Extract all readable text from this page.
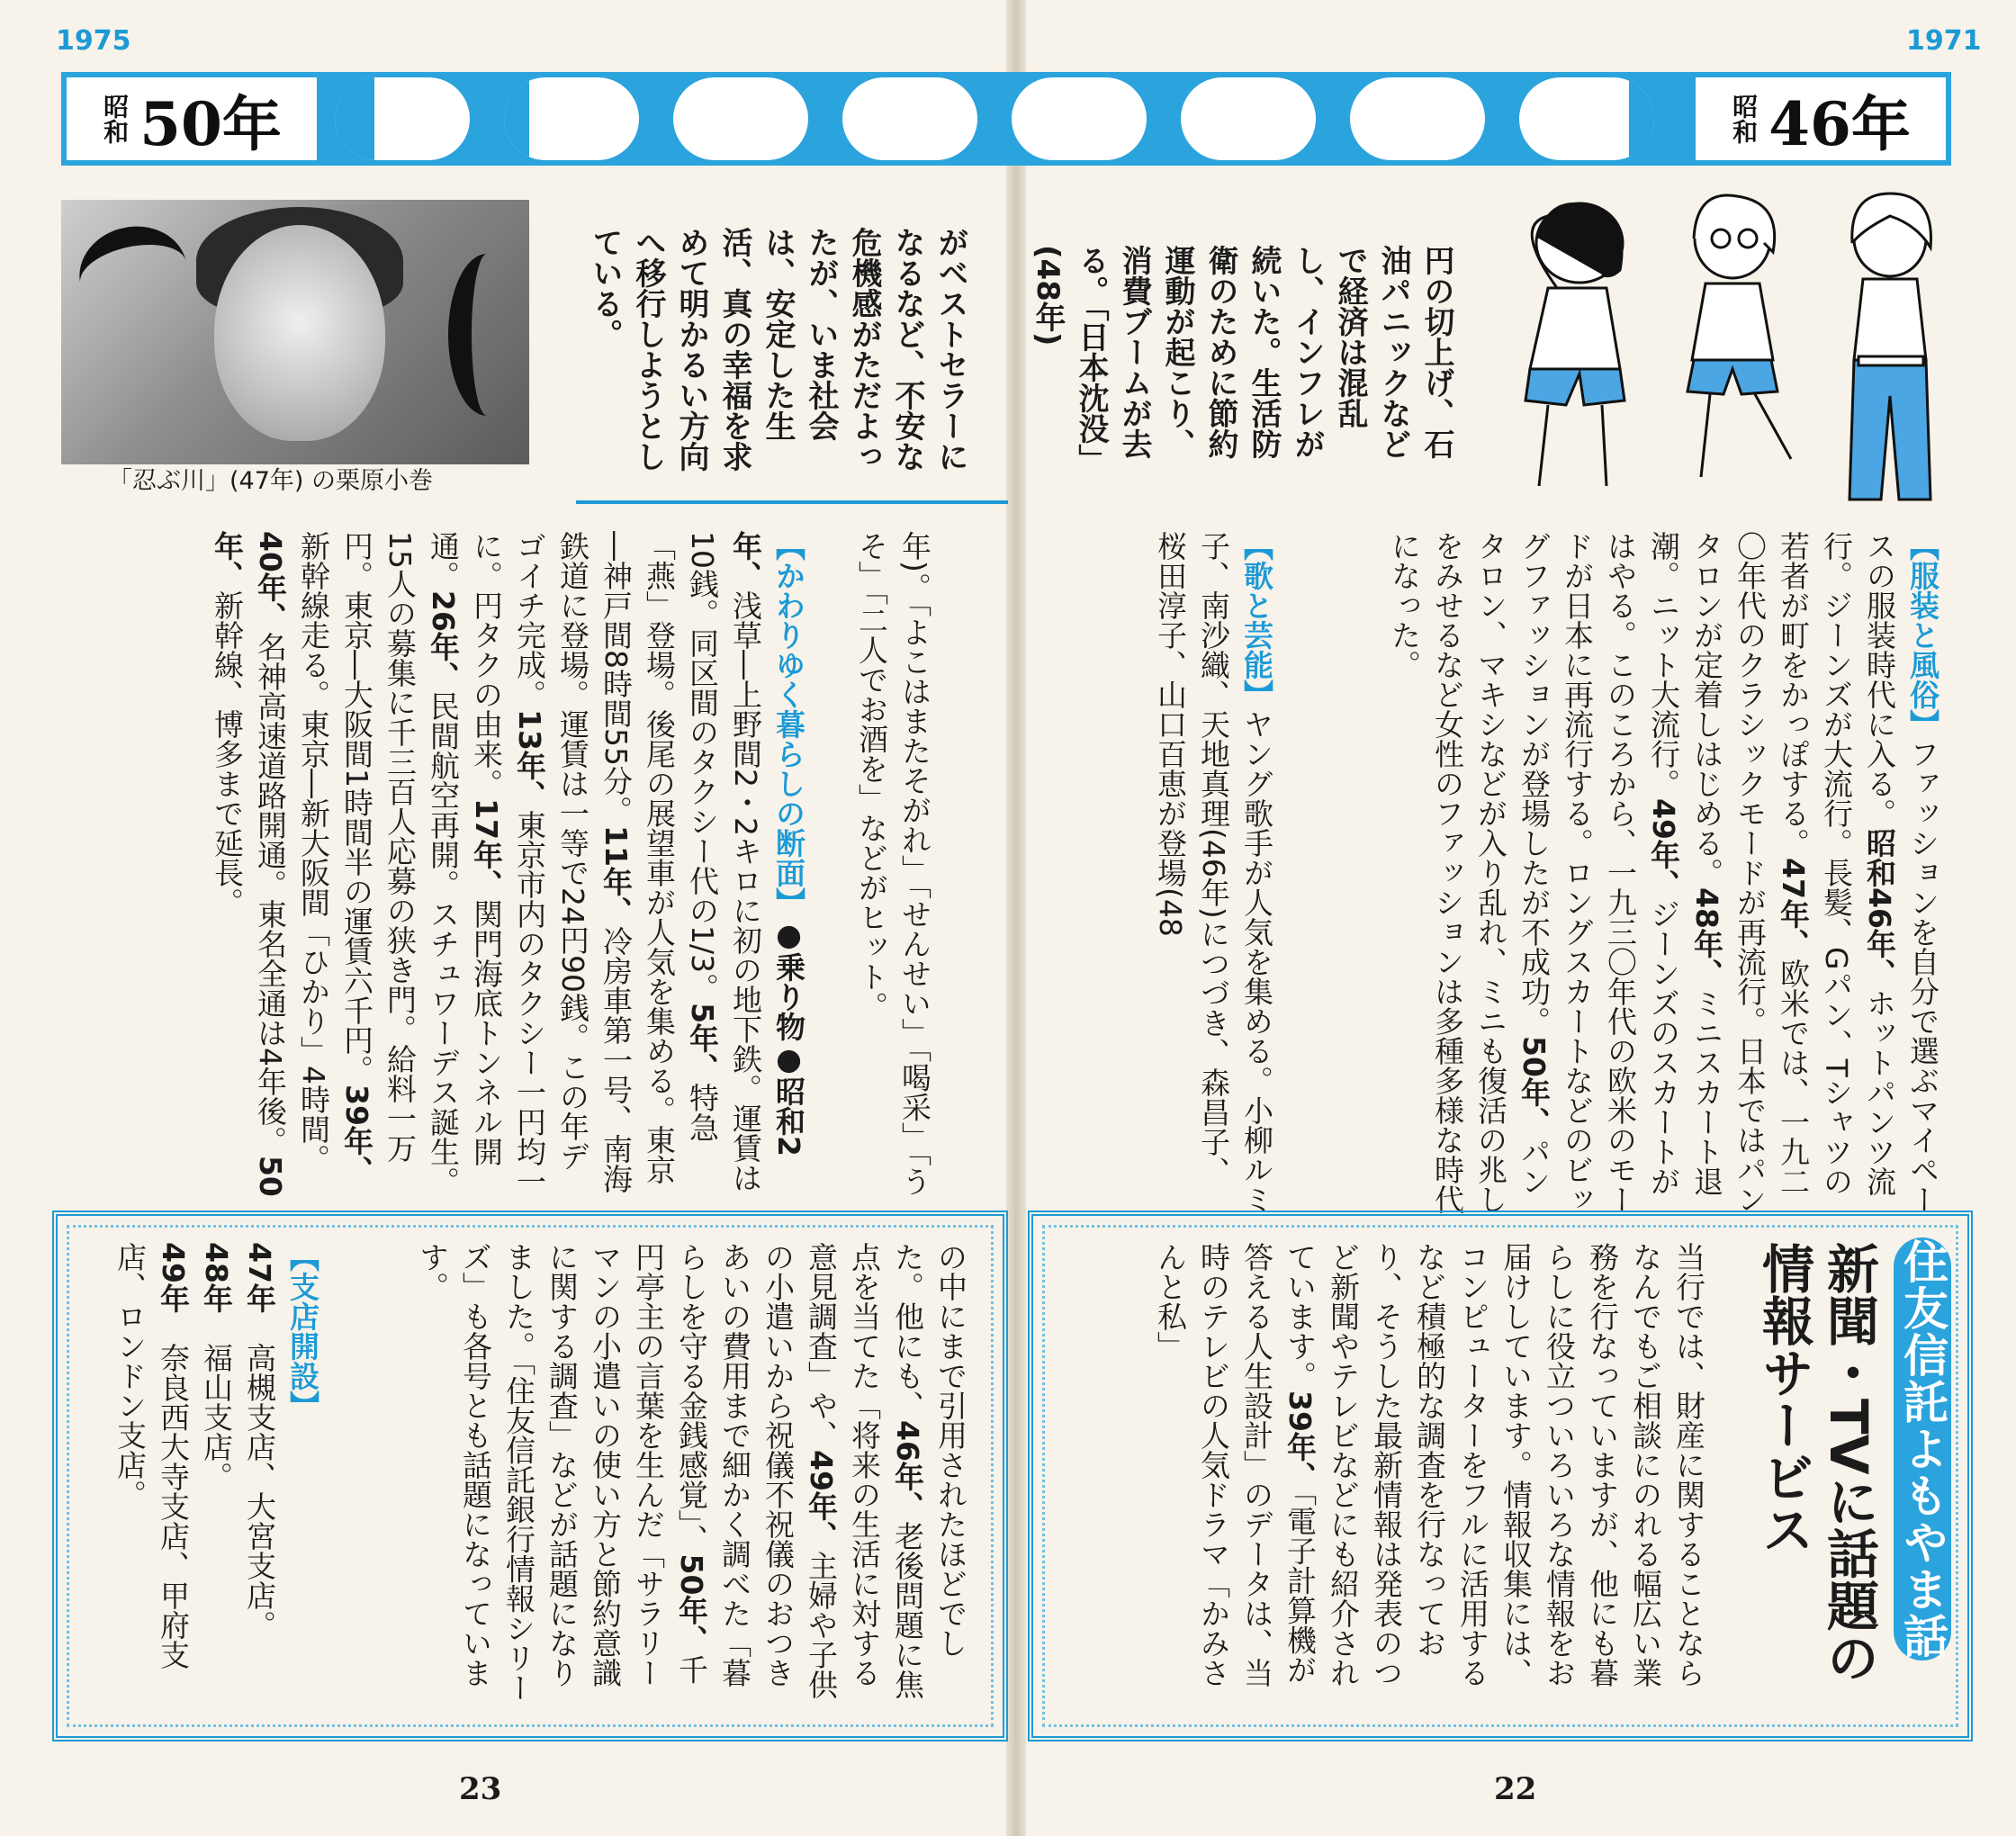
1975	1971
昭和 50年	昭和 46年
「忍ぶ川」(47年) の栗原小巻
円の切上げ、石油パニックなどで経済は混乱し、インフレが続いた。生活防衛のために節約運動が起こり、消費ブームが去る。「日本沈没」(48年)
がベストセラーになるなど、不安な危機感がただよったが、いま社会は、安定した生活、真の幸福を求めて明かるい方向へ移行しようとしている。
【服装と風俗】ファッションを自分で選ぶマイペースの服装時代に入る。昭和46年、ホットパンツ流行。ジーンズが大流行。長髪、Gパン、Tシャツの若者が町をかっぽする。47年、欧米では、一九二〇年代のクラシックモードが再流行。日本ではパンタロンが定着しはじめる。48年、ミニスカート退潮。ニット大流行。49年、ジーンズのスカートがはやる。このころから、一九三〇年代の欧米のモードが日本に再流行する。ロングスカートなどのビッグファッションが登場したが不成功。50年、パンタロン、マキシなどが入り乱れ、ミニも復活の兆しをみせるなど女性のファッションは多種多様な時代になった。
【歌と芸能】ヤング歌手が人気を集める。小柳ルミ子、南沙織、天地真理(46年)につづき、森昌子、桜田淳子、山口百恵が登場(48
年)。「よこはまたそがれ」「せんせい」「喝采」「うそ」「二人でお酒を」などがヒット。
【かわりゆく暮らしの断面】●乗り物●昭和2年、浅草―上野間2・2キロに初の地下鉄。運賃は10銭。同区間のタクシー代の1/3。5年、特急「燕」登場。後尾の展望車が人気を集める。東京―神戸間8時間55分。11年、冷房車第一号、南海鉄道に登場。運賃は一等で24円90銭。この年デゴイチ完成。13年、東京市内のタクシー一円均一に。円タクの由来。17年、関門海底トンネル開通。26年、民間航空再開。スチュワーデス誕生。15人の募集に千三百人応募の狭き門。給料一万円。東京―大阪間1時間半の運賃六千円。39年、新幹線走る。東京―新大阪間「ひかり」4時間。40年、名神高速道路開通。東名全通は4年後。50年、新幹線、博多まで延長。
住友信託よもやま話
新聞・TVに話題の
情報サービス
当行では、財産に関することならなんでもご相談にのれる幅広い業務を行なっていますが、他にも暮らしに役立ついろいろな情報をお届けしています。情報収集には、コンピューターをフルに活用するなど積極的な調査を行なっており、そうした最新情報は発表のつど新聞やテレビなどにも紹介されています。39年、「電子計算機が答える人生設計」のデータは、当時のテレビの人気ドラマ「かみさんと私」
の中にまで引用されたほどでした。他にも、46年、老後問題に焦点を当てた「将来の生活に対する意見調査」や、49年、主婦や子供の小遣いから祝儀不祝儀のおつきあいの費用まで細かく調べた「暮らしを守る金銭感覚」、50年、千円亭主の言葉を生んだ「サラリーマンの小遣いの使い方と節約意識に関する調査」などが話題になりました。「住友信託銀行情報シリーズ」も各号とも話題になっています。
【支店開設】
47年　高槻支店、大宮支店。
48年　福山支店。
49年　奈良西大寺支店、甲府支店、ロンドン支店。
23	22
